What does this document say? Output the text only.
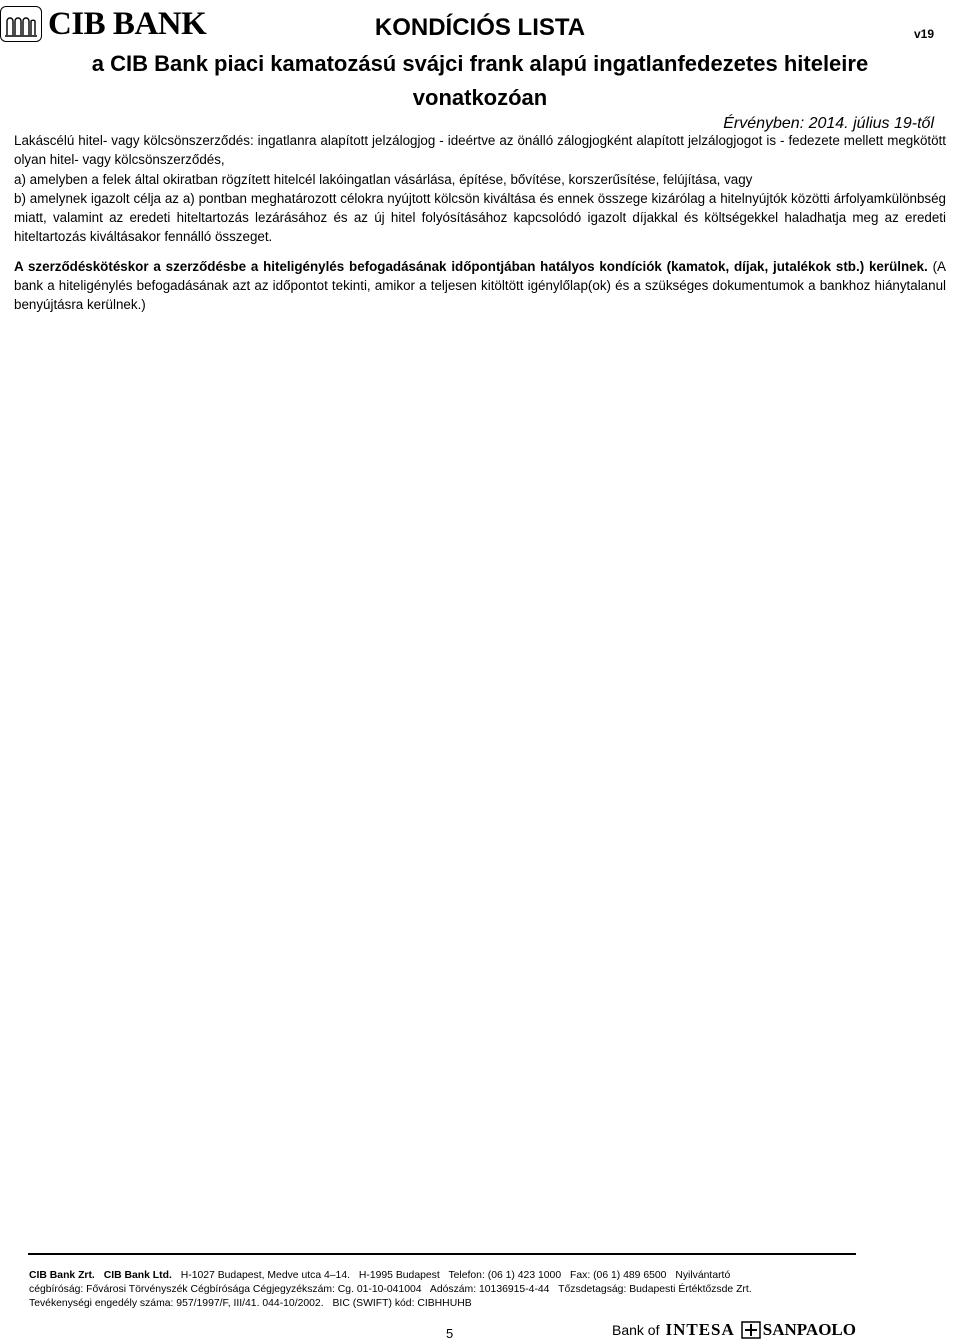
CIB BANK	KONDÍCIÓS LISTA	v19
a CIB Bank piaci kamatozású svájci frank alapú ingatlanfedezetes hiteleire
vonatkozóan
Érvényben: 2014. július 19-től

Lakáscélú hitel- vagy kölcsönszerződés: ingatlanra alapított jelzálogjog - ideértve az önálló zálogjogként alapított jelzálogjogot is - fedezete mellett megkötött olyan hitel- vagy kölcsönszerződés,

a) amelyben a felek által okiratban rögzített hitelcél lakóingatlan vásárlása, építése, bővítése, korszerűsítése, felújítása, vagy

b) amelynek igazolt célja az a) pontban meghatározott célokra nyújtott kölcsön kiváltása és ennek összege kizárólag a hitelnyújtók közötti árfolyamkülönbség miatt, valamint az eredeti hiteltartozás lezárásához és az új hitel folyósításához kapcsolódó igazolt díjakkal és költségekkel haladhatja meg az eredeti hiteltartozás kiváltásakor fennálló összeget.

A szerződéskötéskor a szerződésbe a hiteligénylés befogadásának időpontjában hatályos kondíciók (kamatok, díjak, jutalékok stb.) kerülnek. (A bank a hiteligénylés befogadásának azt az időpontot tekinti, amikor a teljesen kitöltött igénylőlap(ok) és a szükséges dokumentumok a bankhoz hiánytalanul benyújtásra kerülnek.)

CIB Bank Zrt. CIB Bank Ltd. H-1027 Budapest, Medve utca 4–14. H-1995 Budapest Telefon: (06 1) 423 1000 Fax: (06 1) 489 6500 Nyilvántartó
cégbíróság: Fővárosi Törvényszék Cégbírósága Cégjegyzékszám: Cg. 01-10-041004 Adószám: 10136915-4-44 Tőzsdetagság: Budapesti Értéktőzsde Zrt.
Tevékenységi engedély száma: 957/1997/F, III/41. 044-10/2002. BIC (SWIFT) kód: CIBHHUHB
5	Bank of INTESA SANPAOLO
